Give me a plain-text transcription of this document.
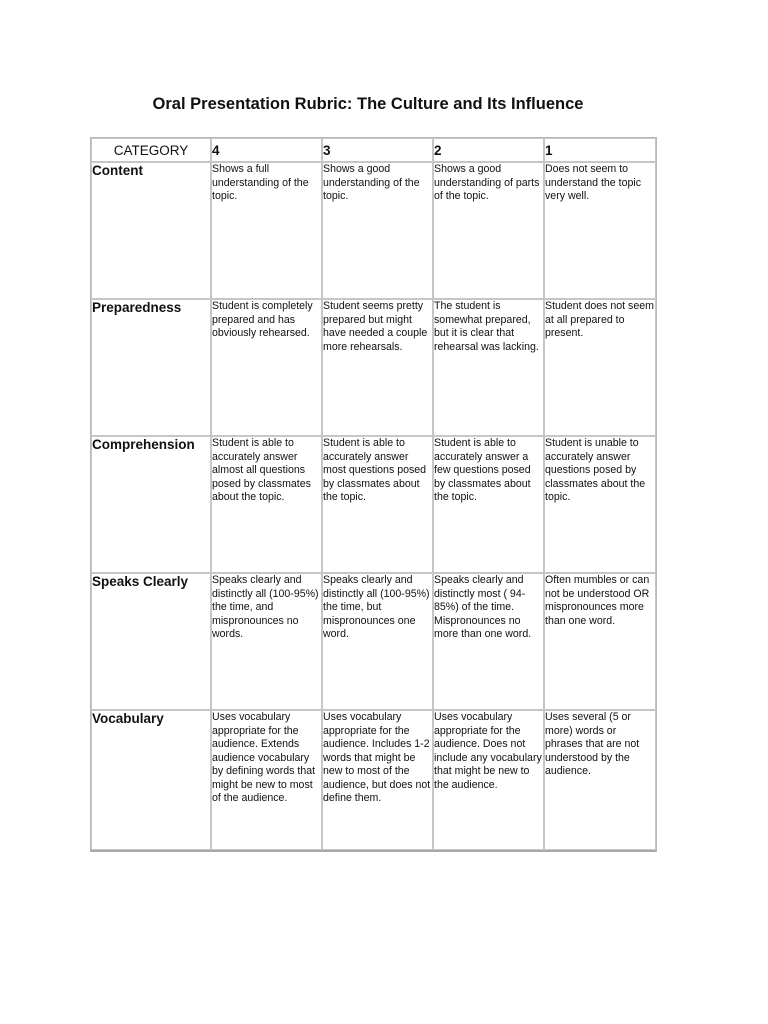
Oral Presentation Rubric: The Culture and Its Influence
CATEGORY	4	3	2	1
Content	Shows a full understanding of the topic.	Shows a good understanding of the topic.	Shows a good understanding of parts of the topic.	Does not seem to understand the topic very well.
Preparedness	Student is completely prepared and has obviously rehearsed.	Student seems pretty prepared but might have needed a couple more rehearsals.	The student is somewhat prepared, but it is clear that rehearsal was lacking.	Student does not seem at all prepared to present.
Comprehension	Student is able to accurately answer almost all questions posed by classmates about the topic.	Student is able to accurately answer most questions posed by classmates about the topic.	Student is able to accurately answer a few questions posed by classmates about the topic.	Student is unable to accurately answer questions posed by classmates about the topic.
Speaks Clearly	Speaks clearly and distinctly all (100-95%) the time, and mispronounces no words.	Speaks clearly and distinctly all (100-95%) the time, but mispronounces one word.	Speaks clearly and distinctly most ( 94-85%) of the time. Mispronounces no more than one word.	Often mumbles or can not be understood OR mispronounces more than one word.
Vocabulary	Uses vocabulary appropriate for the audience. Extends audience vocabulary by defining words that might be new to most of the audience.	Uses vocabulary appropriate for the audience. Includes 1-2 words that might be new to most of the audience, but does not define them.	Uses vocabulary appropriate for the audience. Does not include any vocabulary that might be new to the audience.	Uses several (5 or more) words or phrases that are not understood by the audience.
